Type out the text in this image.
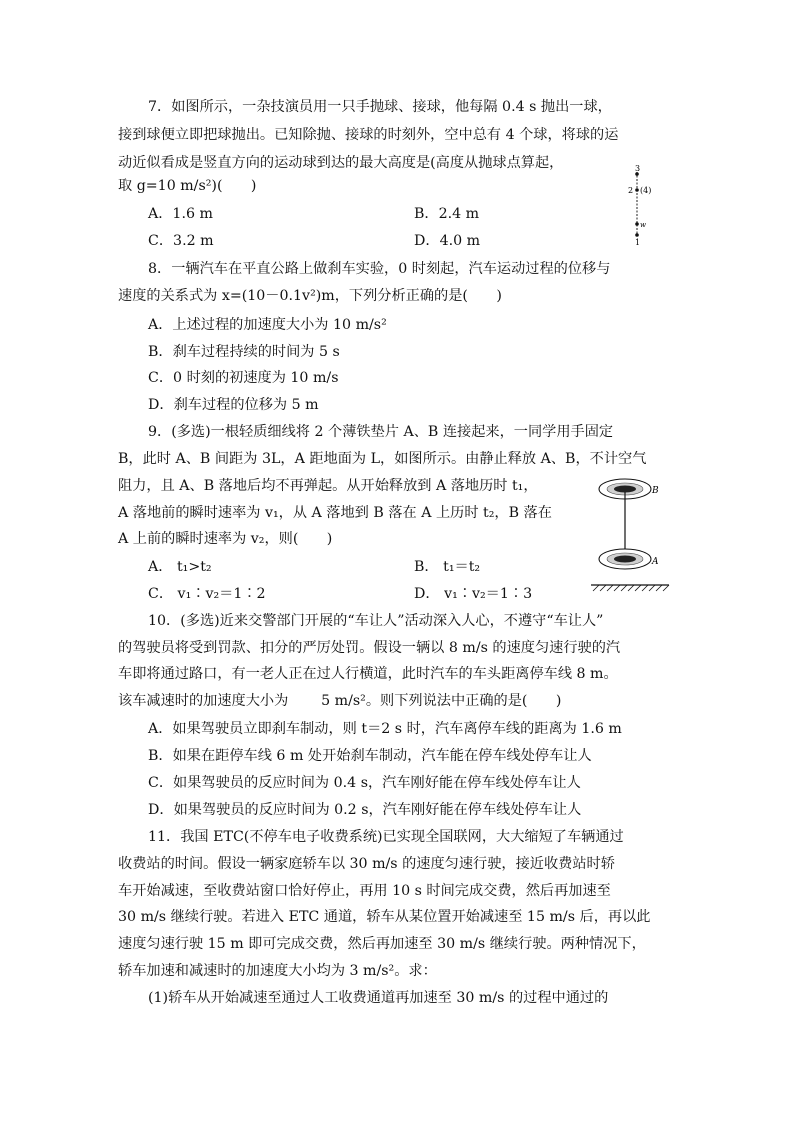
7．如图所示，一杂技演员用一只手抛球、接球，他每隔 0.4 s 抛出一球，
接到球便立即把球抛出。已知除抛、接球的时刻外，空中总有 4 个球，将球的运
动近似看成是竖直方向的运动球到达的最大高度是(高度从抛球点算起，
取 g=10 m/s²)(　　)
A．1.6 m	B．2.4 m
C．3.2 m	D．4.0 m
3
2 (4)
w
1
8．一辆汽车在平直公路上做刹车实验，0 时刻起，汽车运动过程的位移与
速度的关系式为 x=(10－0.1v²)m，下列分析正确的是(　　)
A．上述过程的加速度大小为 10 m/s²
B．刹车过程持续的时间为 5 s
C．0 时刻的初速度为 10 m/s
D．刹车过程的位移为 5 m
9．(多选)一根轻质细线将 2 个薄铁垫片 A、B 连接起来，一同学用手固定
B，此时 A、B 间距为 3L，A 距地面为 L，如图所示。由静止释放 A、B，不计空气
阻力，且 A、B 落地后均不再弹起。从开始释放到 A 落地历时 t₁，
A 落地前的瞬时速率为 v₁，从 A 落地到 B 落在 A 上历时 t₂，B 落在
A 上前的瞬时速率为 v₂，则(　　)
A． t₁>t₂	B． t₁＝t₂
C． v₁∶v₂＝1∶2	D． v₁∶v₂＝1∶3
B
A
10．(多选)近来交警部门开展的“车让人”活动深入人心，不遵守“车让人”
的驾驶员将受到罚款、扣分的严厉处罚。假设一辆以 8 m/s 的速度匀速行驶的汽
车即将通过路口，有一老人正在过人行横道，此时汽车的车头距离停车线 8 m。
该车减速时的加速度大小为　　 5 m/s²。则下列说法中正确的是(　　)
A．如果驾驶员立即刹车制动，则 t＝2 s 时，汽车离停车线的距离为 1.6 m
B．如果在距停车线 6 m 处开始刹车制动，汽车能在停车线处停车让人
C．如果驾驶员的反应时间为 0.4 s，汽车刚好能在停车线处停车让人
D．如果驾驶员的反应时间为 0.2 s，汽车刚好能在停车线处停车让人
11．我国 ETC(不停车电子收费系统)已实现全国联网，大大缩短了车辆通过
收费站的时间。假设一辆家庭轿车以 30 m/s 的速度匀速行驶，接近收费站时轿
车开始减速，至收费站窗口恰好停止，再用 10 s 时间完成交费，然后再加速至
30 m/s 继续行驶。若进入 ETC 通道，轿车从某位置开始减速至 15 m/s 后，再以此
速度匀速行驶 15 m 即可完成交费，然后再加速至 30 m/s 继续行驶。两种情况下，
轿车加速和减速时的加速度大小均为 3 m/s²。求：
(1)轿车从开始减速至通过人工收费通道再加速至 30 m/s 的过程中通过的
